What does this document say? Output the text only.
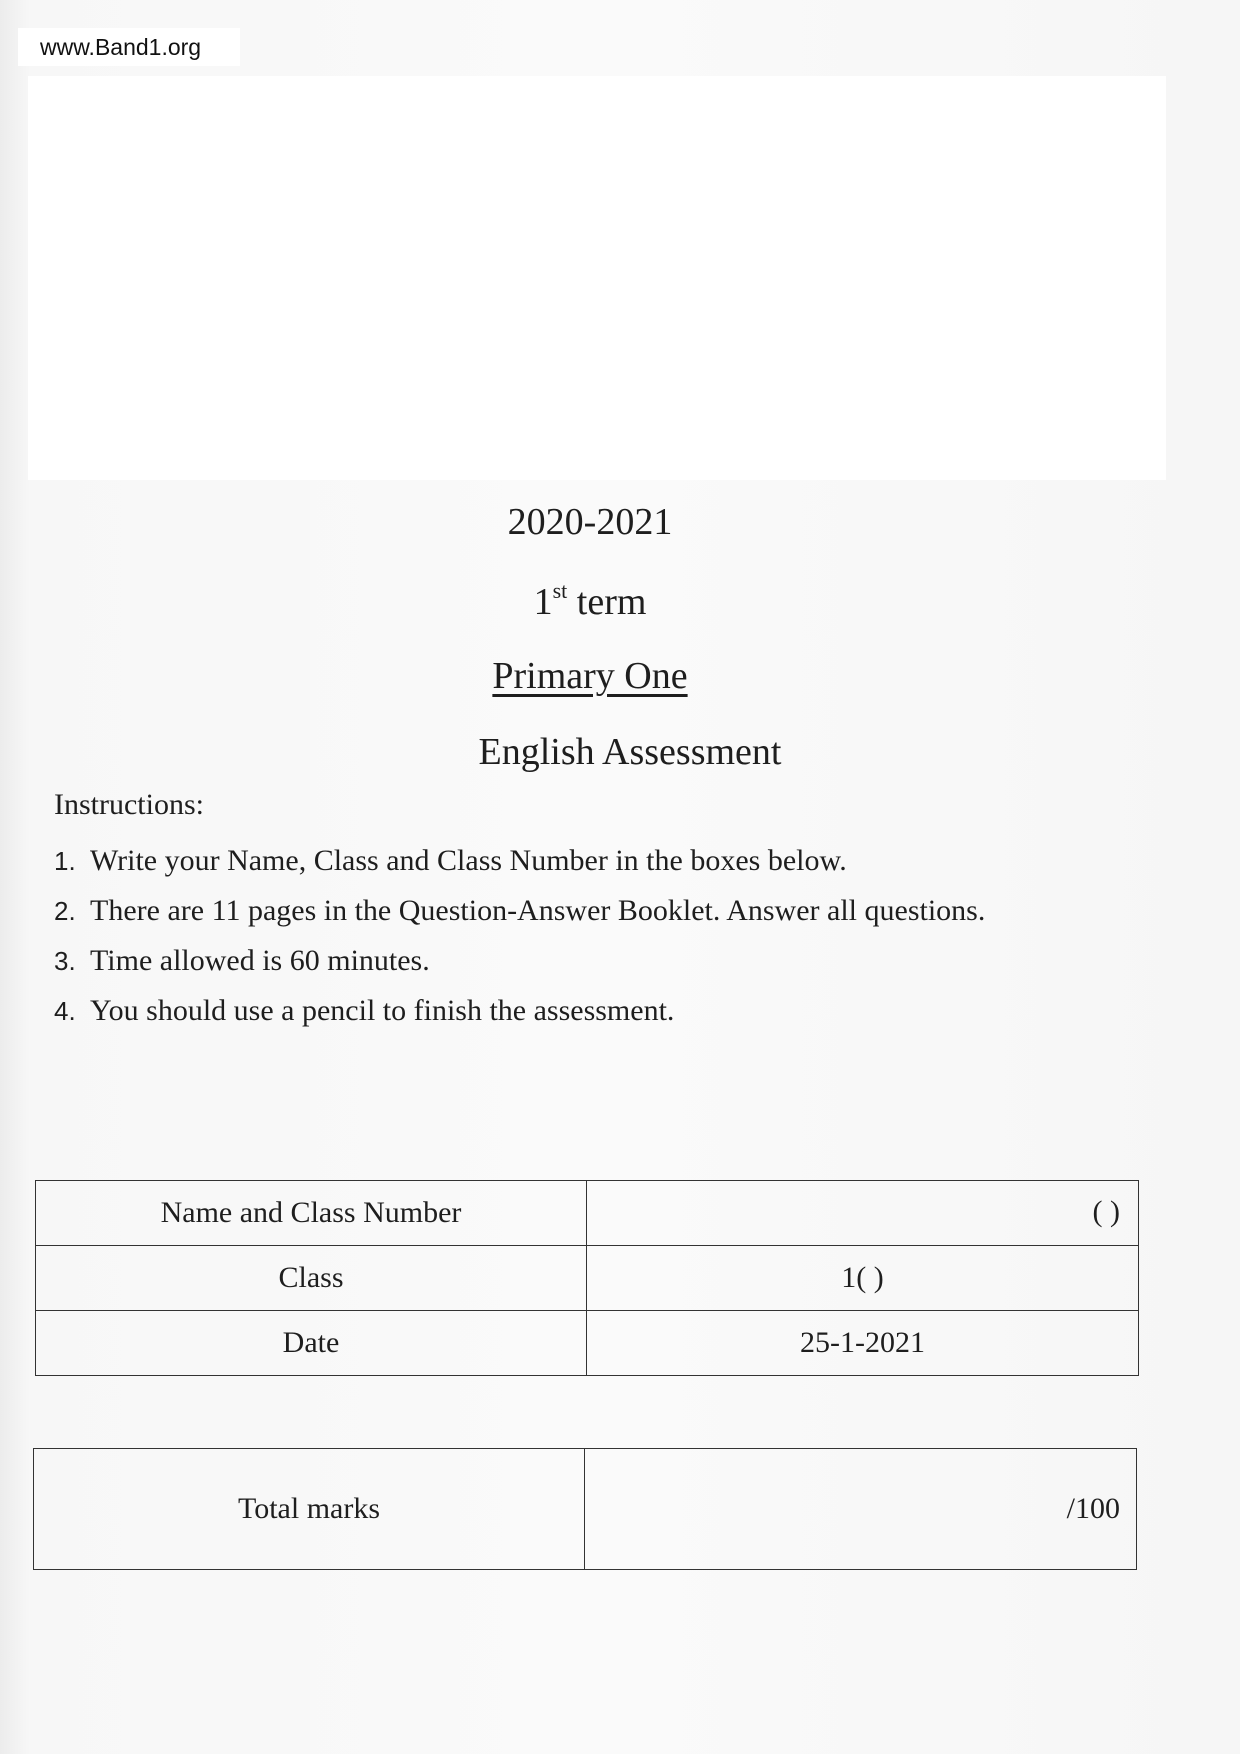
www.Band1.org
2020-2021
1st term
Primary One
English Assessment
Instructions:
1. Write your Name, Class and Class Number in the boxes below.
2. There are 11 pages in the Question-Answer Booklet. Answer all questions.
3. Time allowed is 60 minutes.
4. You should use a pencil to finish the assessment.
Name and Class Number	( )

Class	1( )
Date	25-1-2021
Total marks	/100
